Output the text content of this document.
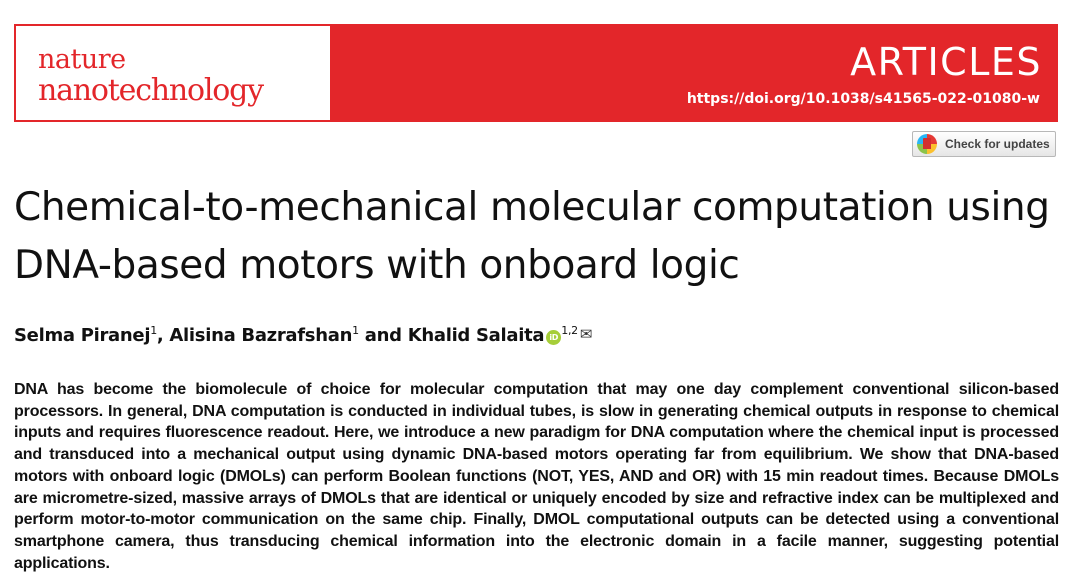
nature
nanotechnology
ARTICLES
https://doi.org/10.1038/s41565-022-01080-w
Check for updates
Chemical-to-mechanical molecular computation using DNA-based motors with onboard logic
Selma Piranej$^1$, Alisina Bazrafshan$^1$ and Khalid Salaita iD$^{1,2}$ ✉

DNA has become the biomolecule of choice for molecular computation that may one day complement conventional silicon-based processors. In general, DNA computation is conducted in individual tubes, is slow in generating chemical outputs in response to chemical inputs and requires fluorescence readout. Here, we introduce a new paradigm for DNA computation where the chemical input is processed and transduced into a mechanical output using dynamic DNA-based motors operating far from equilibrium. We show that DNA-based motors with onboard logic (DMOLs) can perform Boolean functions (NOT, YES, AND and OR) with 15 min readout times. Because DMOLs are micrometre-sized, massive arrays of DMOLs that are identical or uniquely encoded by size and refractive index can be multiplexed and perform motor-to-motor communication on the same chip. Finally, DMOL computational outputs can be detected using a conventional smartphone camera, thus transducing chemical information into the electronic domain in a facile manner, suggesting potential applications.
